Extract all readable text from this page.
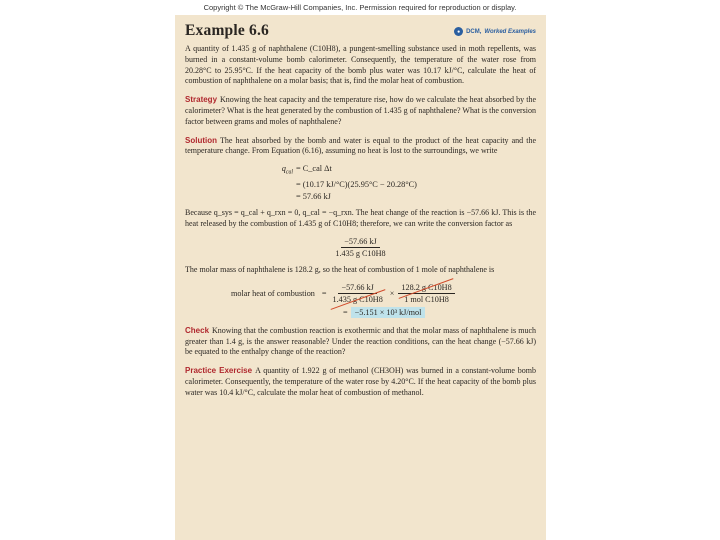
Copyright © The McGraw-Hill Companies, Inc. Permission required for reproduction or display.
Example 6.6	● DCM, Worked Examples

A quantity of 1.435 g of naphthalene (C10H8), a pungent-smelling substance used in moth repellents, was burned in a constant-volume bomb calorimeter. Consequently, the temperature of the water rose from 20.28°C to 25.95°C. If the heat capacity of the bomb plus water was 10.17 kJ/°C, calculate the heat of combustion of naphthalene on a molar basis; that is, find the molar heat of combustion.

Strategy Knowing the heat capacity and the temperature rise, how do we calculate the heat absorbed by the calorimeter? What is the heat generated by the combustion of 1.435 g of naphthalene? What is the conversion factor between grams and moles of naphthalene?

Solution The heat absorbed by the bomb and water is equal to the product of the heat capacity and the temperature change. From Equation (6.16), assuming no heat is lost to the surroundings, we write

$q_{cal}$ = C_cal Δt
= (10.17 kJ/°C)(25.95°C − 20.28°C)
= 57.66 kJ

Because q_sys = q_cal + q_rxn = 0, q_cal = −q_rxn. The heat change of the reaction is −57.66 kJ. This is the heat released by the combustion of 1.435 g of C10H8; therefore, we can write the conversion factor as

$\frac{-57.66 kJ}{\text{1.435 g C10H8}}$

The molar mass of naphthalene is 128.2 g, so the heat of combustion of 1 mole of naphthalene is

molar heat of combustion = $\frac{-57.66 kJ}{\text{1.435 g C10H8}} \times \frac{\text{128.2 g C10H8}}{\text{1 mol C10H8}}$
= −5.151 × 10³ kJ/mol

Check Knowing that the combustion reaction is exothermic and that the molar mass of naphthalene is much greater than 1.4 g, is the answer reasonable? Under the reaction conditions, can the heat change (−57.66 kJ) be equated to the enthalpy change of the reaction?

Practice Exercise A quantity of 1.922 g of methanol (CH3OH) was burned in a constant-volume bomb calorimeter. Consequently, the temperature of the water rose by 4.20°C. If the heat capacity of the bomb plus water was 10.4 kJ/°C, calculate the molar heat of combustion of methanol.
